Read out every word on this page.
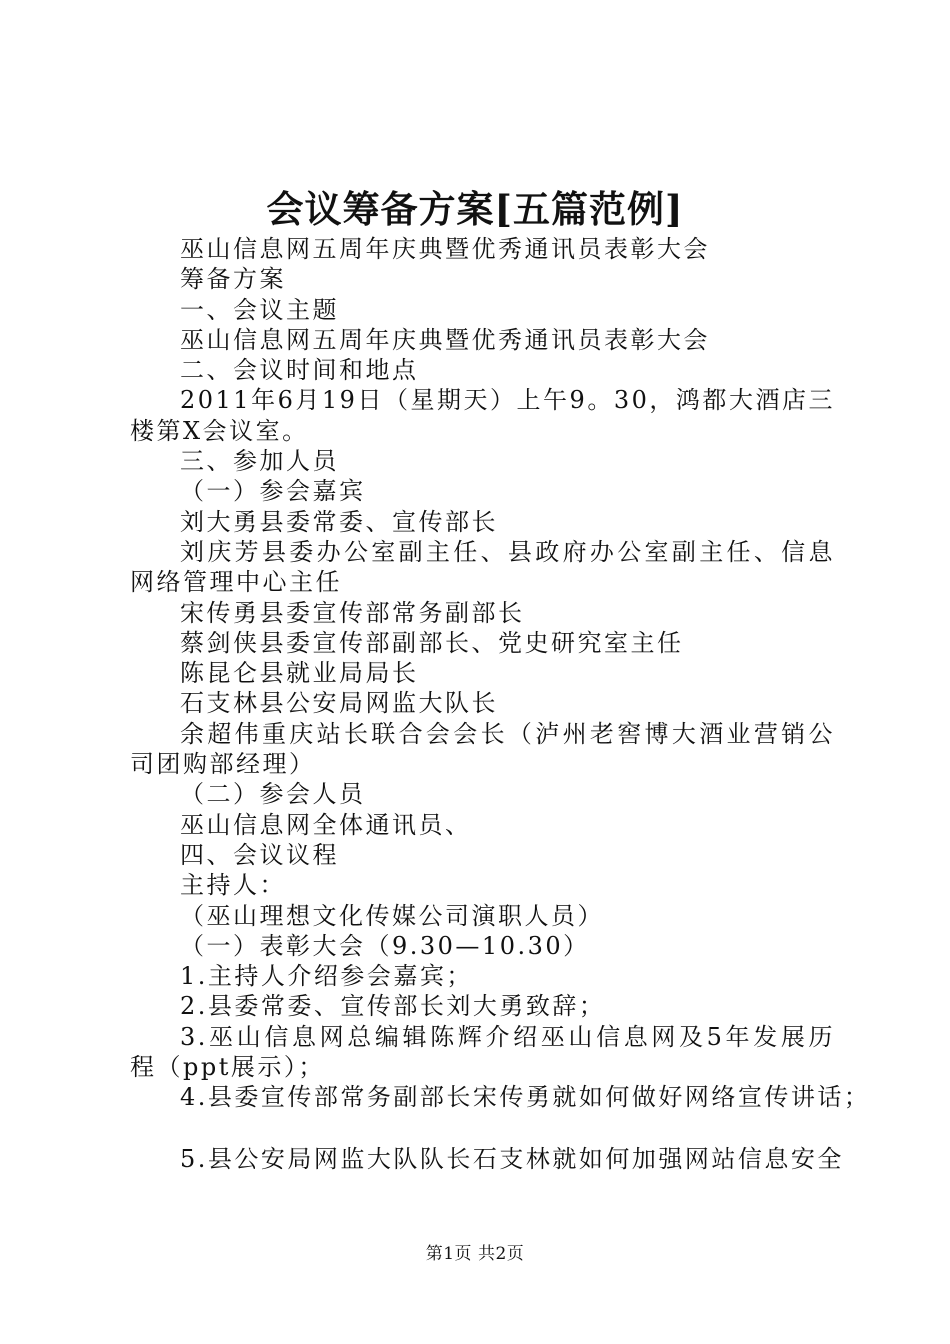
会议筹备方案[五篇范例]

巫山信息网五周年庆典暨优秀通讯员表彰大会

筹备方案

一、会议主题

巫山信息网五周年庆典暨优秀通讯员表彰大会

二、会议时间和地点

2011年6月19日（星期天）上午9。30，鸿都大酒店三楼第X会议室。

三、参加人员

（一）参会嘉宾

刘大勇县委常委、宣传部长

刘庆芳县委办公室副主任、县政府办公室副主任、信息网络管理中心主任

宋传勇县委宣传部常务副部长

蔡剑侠县委宣传部副部长、党史研究室主任

陈昆仑县就业局局长

石支林县公安局网监大队长

余超伟重庆站长联合会会长（泸州老窖博大酒业营销公司团购部经理）

（二）参会人员

巫山信息网全体通讯员、

四、会议议程

主持人：

（巫山理想文化传媒公司演职人员）

（一）表彰大会（9.30—10.30）

1.主持人介绍参会嘉宾；

2.县委常委、宣传部长刘大勇致辞；

3.巫山信息网总编辑陈辉介绍巫山信息网及5年发展历程（ppt展示）；

4.县委宣传部常务副部长宋传勇就如何做好网络宣传讲话；

5.县公安局网监大队队长石支林就如何加强网站信息安全

第1页 共2页
